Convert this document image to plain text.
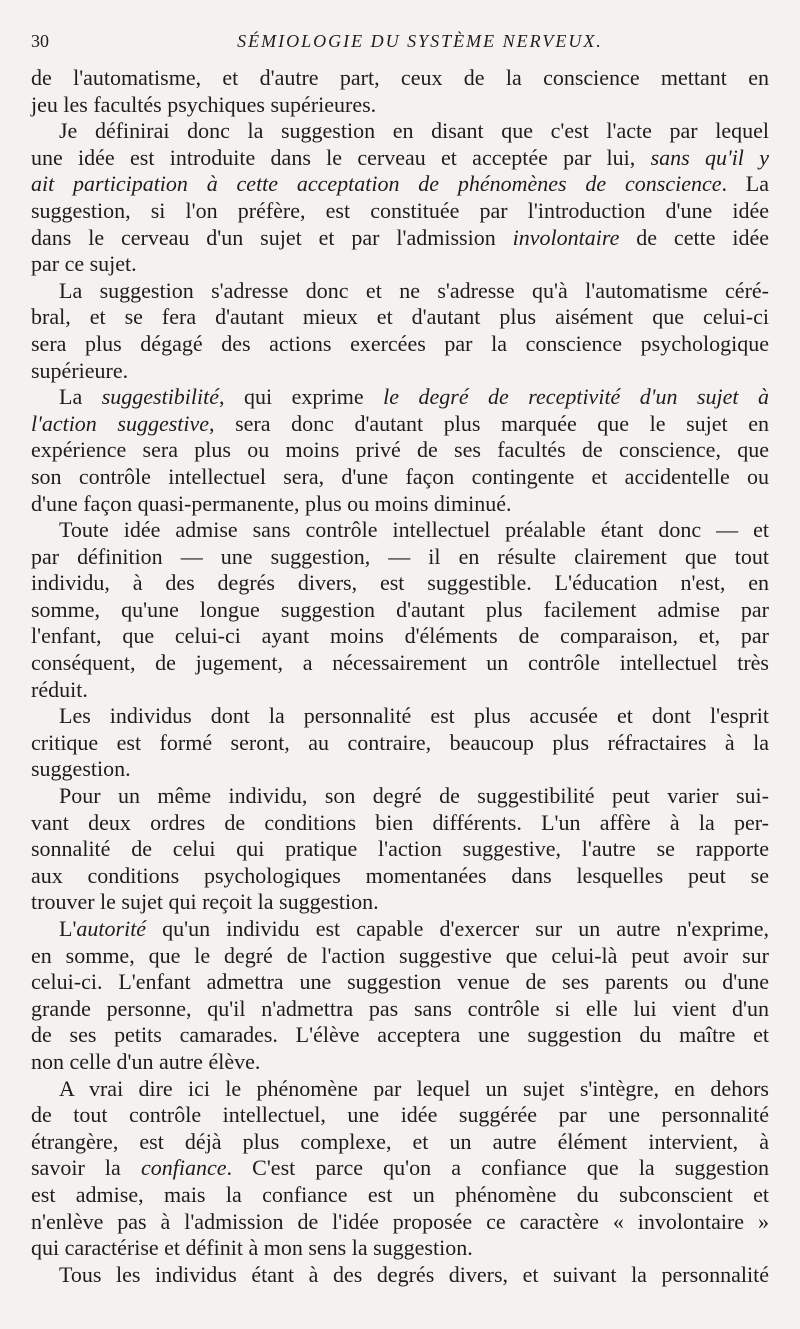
30	SÉMIOLOGIE DU SYSTÈME NERVEUX.
de l'automatisme, et d'autre part, ceux de la conscience mettant en
jeu les facultés psychiques supérieures.
Je définirai donc la suggestion en disant que c'est l'acte par lequel
une idée est introduite dans le cerveau et acceptée par lui, sans qu'il y
ait participation à cette acceptation de phénomènes de conscience. La
suggestion, si l'on préfère, est constituée par l'introduction d'une idée
dans le cerveau d'un sujet et par l'admission involontaire de cette idée
par ce sujet.
La suggestion s'adresse donc et ne s'adresse qu'à l'automatisme céré-
bral, et se fera d'autant mieux et d'autant plus aisément que celui-ci
sera plus dégagé des actions exercées par la conscience psychologique
supérieure.
La suggestibilité, qui exprime le degré de receptivité d'un sujet à
l'action suggestive, sera donc d'autant plus marquée que le sujet en
expérience sera plus ou moins privé de ses facultés de conscience, que
son contrôle intellectuel sera, d'une façon contingente et accidentelle ou
d'une façon quasi-permanente, plus ou moins diminué.
Toute idée admise sans contrôle intellectuel préalable étant donc — et
par définition — une suggestion, — il en résulte clairement que tout
individu, à des degrés divers, est suggestible. L'éducation n'est, en
somme, qu'une longue suggestion d'autant plus facilement admise par
l'enfant, que celui-ci ayant moins d'éléments de comparaison, et, par
conséquent, de jugement, a nécessairement un contrôle intellectuel très
réduit.
Les individus dont la personnalité est plus accusée et dont l'esprit
critique est formé seront, au contraire, beaucoup plus réfractaires à la
suggestion.
Pour un même individu, son degré de suggestibilité peut varier sui-
vant deux ordres de conditions bien différents. L'un affère à la per-
sonnalité de celui qui pratique l'action suggestive, l'autre se rapporte
aux conditions psychologiques momentanées dans lesquelles peut se
trouver le sujet qui reçoit la suggestion.
L'autorité qu'un individu est capable d'exercer sur un autre n'exprime,
en somme, que le degré de l'action suggestive que celui-là peut avoir sur
celui-ci. L'enfant admettra une suggestion venue de ses parents ou d'une
grande personne, qu'il n'admettra pas sans contrôle si elle lui vient d'un
de ses petits camarades. L'élève acceptera une suggestion du maître et
non celle d'un autre élève.
A vrai dire ici le phénomène par lequel un sujet s'intègre, en dehors
de tout contrôle intellectuel, une idée suggérée par une personnalité
étrangère, est déjà plus complexe, et un autre élément intervient, à
savoir la confiance. C'est parce qu'on a confiance que la suggestion
est admise, mais la confiance est un phénomène du subconscient et
n'enlève pas à l'admission de l'idée proposée ce caractère « involontaire »
qui caractérise et définit à mon sens la suggestion.
Tous les individus étant à des degrés divers, et suivant la personnalité
